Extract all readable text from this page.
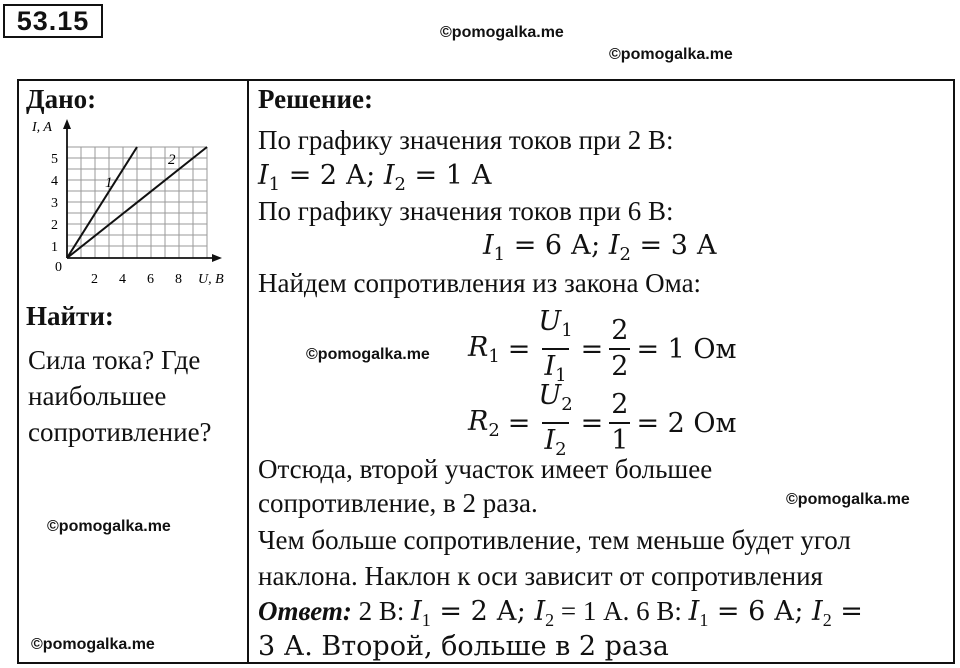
53.15	©pomogalka.me
©pomogalka.me
©pomogalka.me
©pomogalka.me
©pomogalka.me
©pomogalka.me
Дано:
I, A
U, B
0
1
2
3
4
5
2 4 6 8
1
2
Найти:
Сила тока? Где
наибольшее
сопротивление?
Решение:
По графику значения токов при 2 В:
$I_1 = 2$ А; $I_2 = 1$ А
По графику значения токов при 6 В:
$I_1 = 6$ А; $I_2 = 3$ А
Найдем сопротивления из закона Ома:
$R_1 = \frac{U_1}{I_1} = \frac{2}{2} = 1$ Ом
$R_2 = \frac{U_2}{I_2} = \frac{2}{1} = 2$ Ом
Отсюда, второй участок имеет большее
сопротивление, в 2 раза.
Чем больше сопротивление, тем меньше будет угол
наклона. Наклон к оси зависит от сопротивления
Ответ: 2 В: $I_1 = 2$ А; $I_2 = 1$ А. 6 В: $I_1 = 6$ А; $I_2$ =
3 А. Второй, больше в 2 раза
